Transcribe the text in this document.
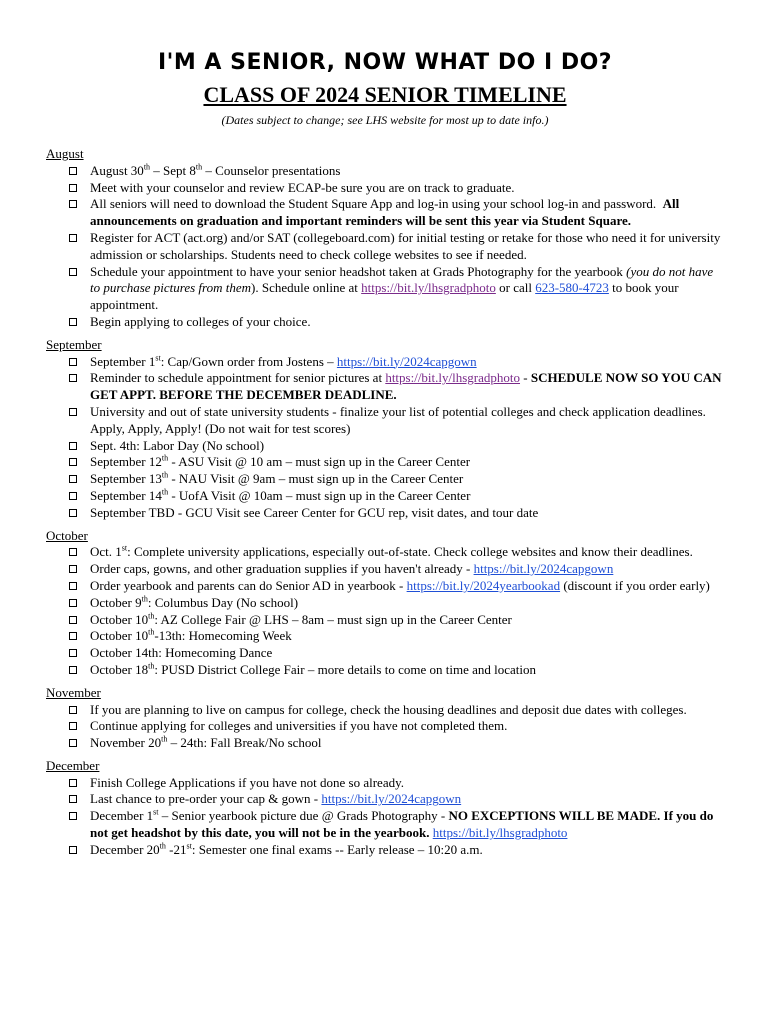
I'M A SENIOR, NOW WHAT DO I DO?
CLASS OF 2024 SENIOR TIMELINE

(Dates subject to change; see LHS website for most up to date info.)

August

August 30th – Sept 8th – Counselor presentations
Meet with your counselor and review ECAP-be sure you are on track to graduate.
All seniors will need to download the Student Square App and log-in using your school log-in and password. All announcements on graduation and important reminders will be sent this year via Student Square.
Register for ACT (act.org) and/or SAT (collegeboard.com) for initial testing or retake for those who need it for university admission or scholarships. Students need to check college websites to see if needed.
Schedule your appointment to have your senior headshot taken at Grads Photography for the yearbook (you do not have to purchase pictures from them). Schedule online at https://bit.ly/lhsgradphoto or call 623-580-4723 to book your appointment.
Begin applying to colleges of your choice.

September

September 1st: Cap/Gown order from Jostens – https://bit.ly/2024capgown
Reminder to schedule appointment for senior pictures at https://bit.ly/lhsgradphoto - SCHEDULE NOW SO YOU CAN GET APPT. BEFORE THE DECEMBER DEADLINE.
University and out of state university students - finalize your list of potential colleges and check application deadlines. Apply, Apply, Apply! (Do not wait for test scores)
Sept. 4th: Labor Day (No school)
September 12th - ASU Visit @ 10 am – must sign up in the Career Center
September 13th - NAU Visit @ 9am – must sign up in the Career Center
September 14th - UofA Visit @ 10am – must sign up in the Career Center
September TBD - GCU Visit see Career Center for GCU rep, visit dates, and tour date

October

Oct. 1st: Complete university applications, especially out-of-state. Check college websites and know their deadlines.
Order caps, gowns, and other graduation supplies if you haven't already - https://bit.ly/2024capgown
Order yearbook and parents can do Senior AD in yearbook - https://bit.ly/2024yearbookad (discount if you order early)
October 9th: Columbus Day (No school)
October 10th: AZ College Fair @ LHS – 8am – must sign up in the Career Center
October 10th-13th: Homecoming Week
October 14th: Homecoming Dance
October 18th: PUSD District College Fair – more details to come on time and location

November

If you are planning to live on campus for college, check the housing deadlines and deposit due dates with colleges.
Continue applying for colleges and universities if you have not completed them.
November 20th – 24th: Fall Break/No school

December

Finish College Applications if you have not done so already.
Last chance to pre-order your cap & gown - https://bit.ly/2024capgown
December 1st – Senior yearbook picture due @ Grads Photography - NO EXCEPTIONS WILL BE MADE. If you do not get headshot by this date, you will not be in the yearbook. https://bit.ly/lhsgradphoto
December 20th -21st: Semester one final exams -- Early release – 10:20 a.m.
